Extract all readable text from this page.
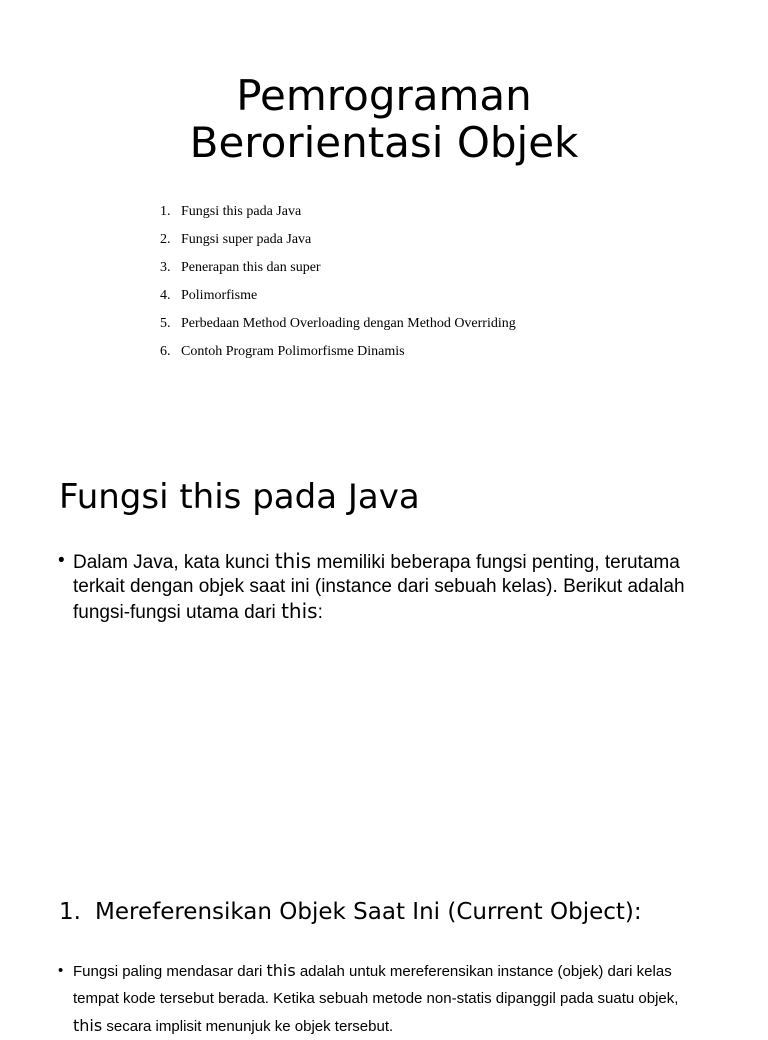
Pemrograman
Berorientasi Objek
1. Fungsi this pada Java
2. Fungsi super pada Java
3. Penerapan this dan super
4. Polimorfisme
5. Perbedaan Method Overloading dengan Method Overriding
6. Contoh Program Polimorfisme Dinamis
Fungsi this pada Java
• Dalam Java, kata kunci this memiliki beberapa fungsi penting, terutama terkait dengan objek saat ini (instance dari sebuah kelas). Berikut adalah fungsi-fungsi utama dari this:
1. Mereferensikan Objek Saat Ini (Current Object):
• Fungsi paling mendasar dari this adalah untuk mereferensikan instance (objek) dari kelas tempat kode tersebut berada. Ketika sebuah metode non-statis dipanggil pada suatu objek, this secara implisit menunjuk ke objek tersebut.
